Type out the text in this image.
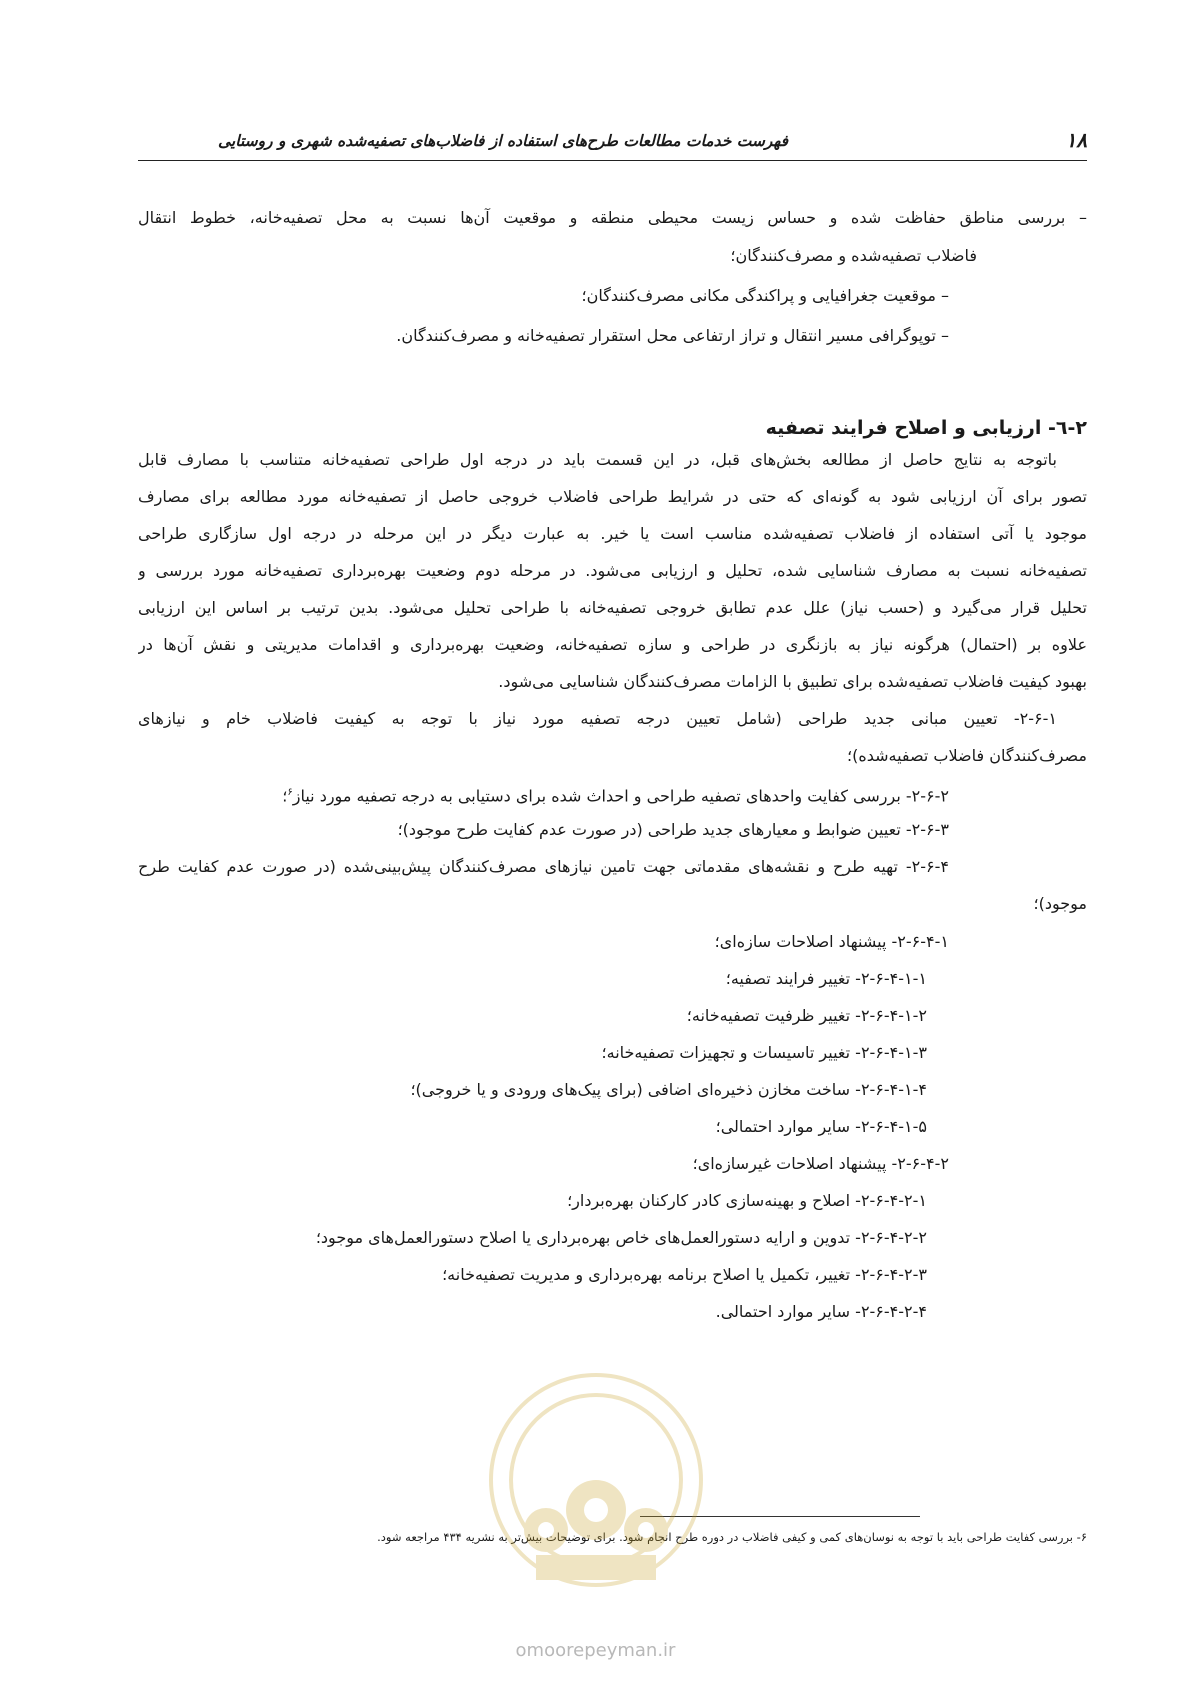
۱۸
فهرست خدمات مطالعات طرح‌های استفاده از فاضلاب‌های تصفیه‌شده شهری و روستایی
– بررسی مناطق حفاظت شده و حساس زیست محیطی منطقه و موقعیت آن‌ها نسبت به محل تصفیه‌خانه، خطوط انتقال
فاضلاب تصفیه‌شده و مصرف‌کنندگان؛
– موقعیت جغرافیایی و پراکندگی مکانی مصرف‌کنندگان؛
– توپوگرافی مسیر انتقال و تراز ارتفاعی محل استقرار تصفیه‌خانه و مصرف‌کنندگان.
۲-٦- ارزیابی و اصلاح فرایند تصفیه
باتوجه به نتایج حاصل از مطالعه بخش‌های قبل، در این قسمت باید در درجه اول طراحی تصفیه‌خانه متناسب با مصارف قابل
تصور برای آن ارزیابی شود به گونه‌ای که حتی در شرایط طراحی فاضلاب خروجی حاصل از تصفیه‌خانه مورد مطالعه برای مصارف
موجود یا آتی استفاده از فاضلاب تصفیه‌شده مناسب است یا خیر. به عبارت دیگر در این مرحله در درجه اول سازگاری طراحی
تصفیه‌خانه نسبت به مصارف شناسایی شده، تحلیل و ارزیابی می‌شود. در مرحله دوم وضعیت بهره‌برداری تصفیه‌خانه مورد بررسی و
تحلیل قرار می‌گیرد و (حسب نیاز) علل عدم تطابق خروجی تصفیه‌خانه با طراحی تحلیل می‌شود. بدین ترتیب بر اساس این ارزیابی
علاوه بر (احتمال) هرگونه نیاز به بازنگری در طراحی و سازه تصفیه‌خانه، وضعیت بهره‌برداری و اقدامات مدیریتی و نقش آن‌ها در
بهبود کیفیت فاضلاب تصفیه‌شده برای تطبیق با الزامات مصرف‌کنندگان شناسایی می‌شود.
۲-۶-۱- تعیین مبانی جدید طراحی (شامل تعیین درجه تصفیه مورد نیاز با توجه به کیفیت فاضلاب خام و نیازهای
مصرف‌کنندگان فاضلاب تصفیه‌شده)؛
۲-۶-۲- بررسی کفایت واحدهای تصفیه طراحی و احداث شده برای دستیابی به درجه تصفیه مورد نیاز$^۶$؛
۲-۶-۳- تعیین ضوابط و معیارهای جدید طراحی (در صورت عدم کفایت طرح موجود)؛
۲-۶-۴- تهیه طرح و نقشه‌های مقدماتی جهت تامین نیازهای مصرف‌کنندگان پیش‌بینی‌شده (در صورت عدم کفایت طرح
موجود)؛
۲-۶-۴-۱- پیشنهاد اصلاحات سازه‌ای؛
۲-۶-۴-۱-۱- تغییر فرایند تصفیه؛
۲-۶-۴-۱-۲- تغییر ظرفیت تصفیه‌خانه؛
۲-۶-۴-۱-۳- تغییر تاسیسات و تجهیزات تصفیه‌خانه؛
۲-۶-۴-۱-۴- ساخت مخازن ذخیره‌ای اضافی (برای پیک‌های ورودی و یا خروجی)؛
۲-۶-۴-۱-۵- سایر موارد احتمالی؛
۲-۶-۴-۲- پیشنهاد اصلاحات غیرسازه‌ای؛
۲-۶-۴-۲-۱- اصلاح و بهینه‌سازی کادر کارکنان بهره‌بردار؛
۲-۶-۴-۲-۲- تدوین و ارایه دستورالعمل‌های خاص بهره‌برداری یا اصلاح دستورالعمل‌های موجود؛
۲-۶-۴-۲-۳- تغییر، تکمیل یا اصلاح برنامه بهره‌برداری و مدیریت تصفیه‌خانه؛
۲-۶-۴-۲-۴- سایر موارد احتمالی.
۶- بررسی کفایت طراحی باید با توجه به نوسان‌های کمی و کیفی فاضلاب در دوره طرح انجام شود. برای توضیحات بیش‌تر به نشریه ۴۳۴ مراجعه شود.
omoorepeyman.ir
